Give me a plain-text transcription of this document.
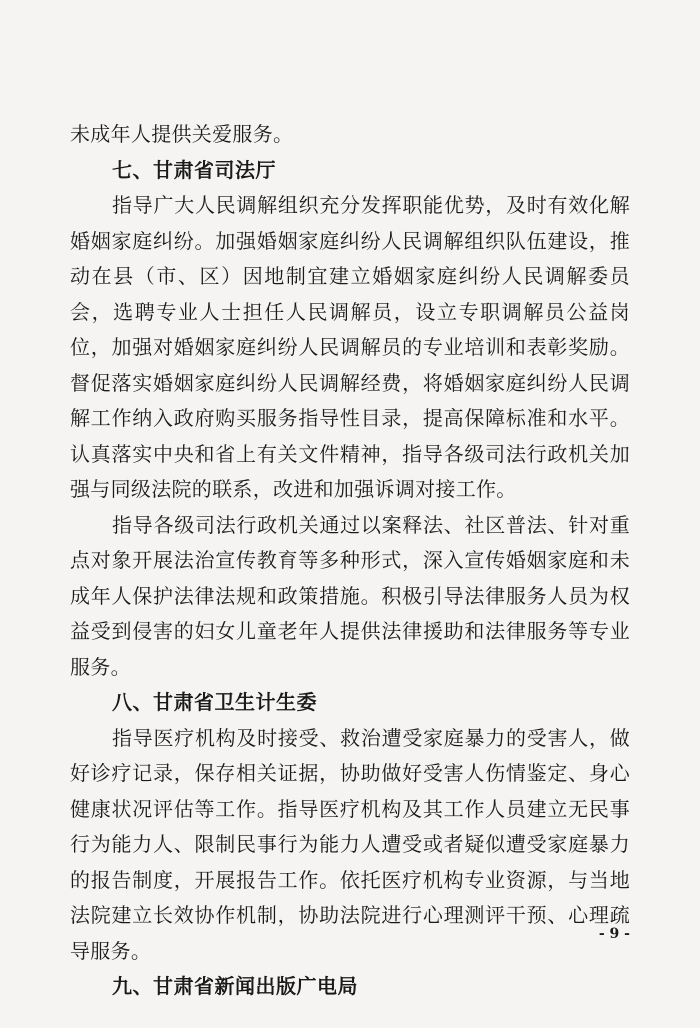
未成年人提供关爱服务。

七、甘肃省司法厅

指导广大人民调解组织充分发挥职能优势，及时有效化解婚姻家庭纠纷。加强婚姻家庭纠纷人民调解组织队伍建设，推动在县（市、区）因地制宜建立婚姻家庭纠纷人民调解委员会，选聘专业人士担任人民调解员，设立专职调解员公益岗位，加强对婚姻家庭纠纷人民调解员的专业培训和表彰奖励。督促落实婚姻家庭纠纷人民调解经费，将婚姻家庭纠纷人民调解工作纳入政府购买服务指导性目录，提高保障标准和水平。认真落实中央和省上有关文件精神，指导各级司法行政机关加强与同级法院的联系，改进和加强诉调对接工作。

指导各级司法行政机关通过以案释法、社区普法、针对重点对象开展法治宣传教育等多种形式，深入宣传婚姻家庭和未成年人保护法律法规和政策措施。积极引导法律服务人员为权益受到侵害的妇女儿童老年人提供法律援助和法律服务等专业服务。

八、甘肃省卫生计生委

指导医疗机构及时接受、救治遭受家庭暴力的受害人，做好诊疗记录，保存相关证据，协助做好受害人伤情鉴定、身心健康状况评估等工作。指导医疗机构及其工作人员建立无民事行为能力人、限制民事行为能力人遭受或者疑似遭受家庭暴力的报告制度，开展报告工作。依托医疗机构专业资源，与当地法院建立长效协作机制，协助法院进行心理测评干预、心理疏导服务。

九、甘肃省新闻出版广电局

- 9 -
